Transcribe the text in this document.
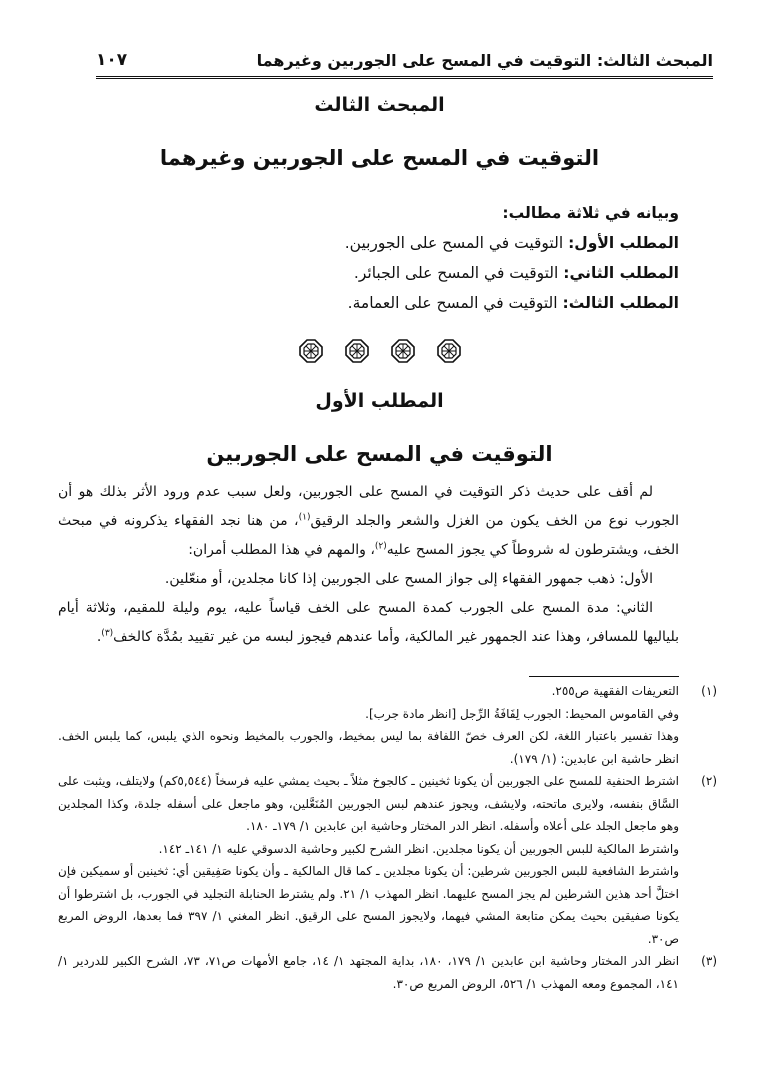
المبحث الثالث: التوقيت في المسح على الجوربين وغيرهما
١٠٧
المبحث الثالث
التوقيت في المسح على الجوربين وغيرهما
وبيانه في ثلاثة مطالب:
المطلب الأول: التوقيت في المسح على الجوربين.
المطلب الثاني: التوقيت في المسح على الجبائر.
المطلب الثالث: التوقيت في المسح على العمامة.
المطلب الأول
التوقيت في المسح على الجوربين

لم أقف على حديث ذكر التوقيت في المسح على الجوربين، ولعل سبب عدم ورود الأثر بذلك هو أن الجورب نوع من الخف يكون من الغزل والشعر والجلد الرقيق$^{(١)}$، من هنا نجد الفقهاء يذكرونه في مبحث الخف، ويشترطون له شروطاً كي يجوز المسح عليه$^{(٢)}$، والمهم في هذا المطلب أمران:

الأول: ذهب جمهور الفقهاء إلى جواز المسح على الجوربين إذا كانا مجلدين، أو منعّلين.

الثاني: مدة المسح على الجورب كمدة المسح على الخف قياساً عليه، يوم وليلة للمقيم، وثلاثة أيام بلياليها للمسافر، وهذا عند الجمهور غير المالكية، وأما عندهم فيجوز لبسه من غير تقييد بمُدَّة كالخف$^{(٣)}$.

(١)

التعريفات الفقهية ص٢٥٥.

وفي القاموس المحيط: الجورب لِفَافَةُ الرِّجل [انظر مادة جرب].

وهذا تفسير باعتبار اللغة، لكن العرف خصّ اللفافة بما ليس بمخيط، والجورب بالمخيط ونحوه الذي يلبس، كما يلبس الخف. انظر حاشية ابن عابدين: (١/ ١٧٩).

(٢)

اشترط الحنفية للمسح على الجوربين أن يكونا ثخينين ـ كالجوخ مثلاً ـ بحيث يمشي عليه فرسخاً (٥,٥٤٤كم) ولايتلف، ويثبت على السَّاق بنفسه، ولايرى ماتحته، ولايشف، ويجوز عندهم لبس الجوربين المُنَعَّلين، وهو ماجعل على أسفله جلدة، وكذا المجلدين وهو ماجعل الجلد على أعلاه وأسفله. انظر الدر المختار وحاشية ابن عابدين ١/ ١٧٩ـ ١٨٠.

واشترط المالكية للبس الجوربين أن يكونا مجلدين. انظر الشرح لكبير وحاشية الدسوقي عليه ١/ ١٤١ـ ١٤٢.

واشترط الشافعية للبس الجوربين شرطين: أن يكونا مجلدين ـ كما قال المالكية ـ وأن يكونا صَفِيقين أي: ثخينين أو سميكين فإن اختلَّ أحد هذين الشرطين لم يجز المسح عليهما. انظر المهذب ١/ ٢١. ولم يشترط الحنابلة التجليد في الجورب، بل اشترطوا أن يكونا صفيقين بحيث يمكن متابعة المشي فيهما، ولايجوز المسح على الرقيق. انظر المغني ١/ ٣٩٧ فما بعدها، الروض المربع ص٣٠.

(٣)

انظر الدر المختار وحاشية ابن عابدين ١/ ١٧٩، ١٨٠، بداية المجتهد ١/ ١٤، جامع الأمهات ص٧١، ٧٣، الشرح الكبير للدردير ١/ ١٤١، المجموع ومعه المهذب ١/ ٥٢٦، الروض المربع ص٣٠.
